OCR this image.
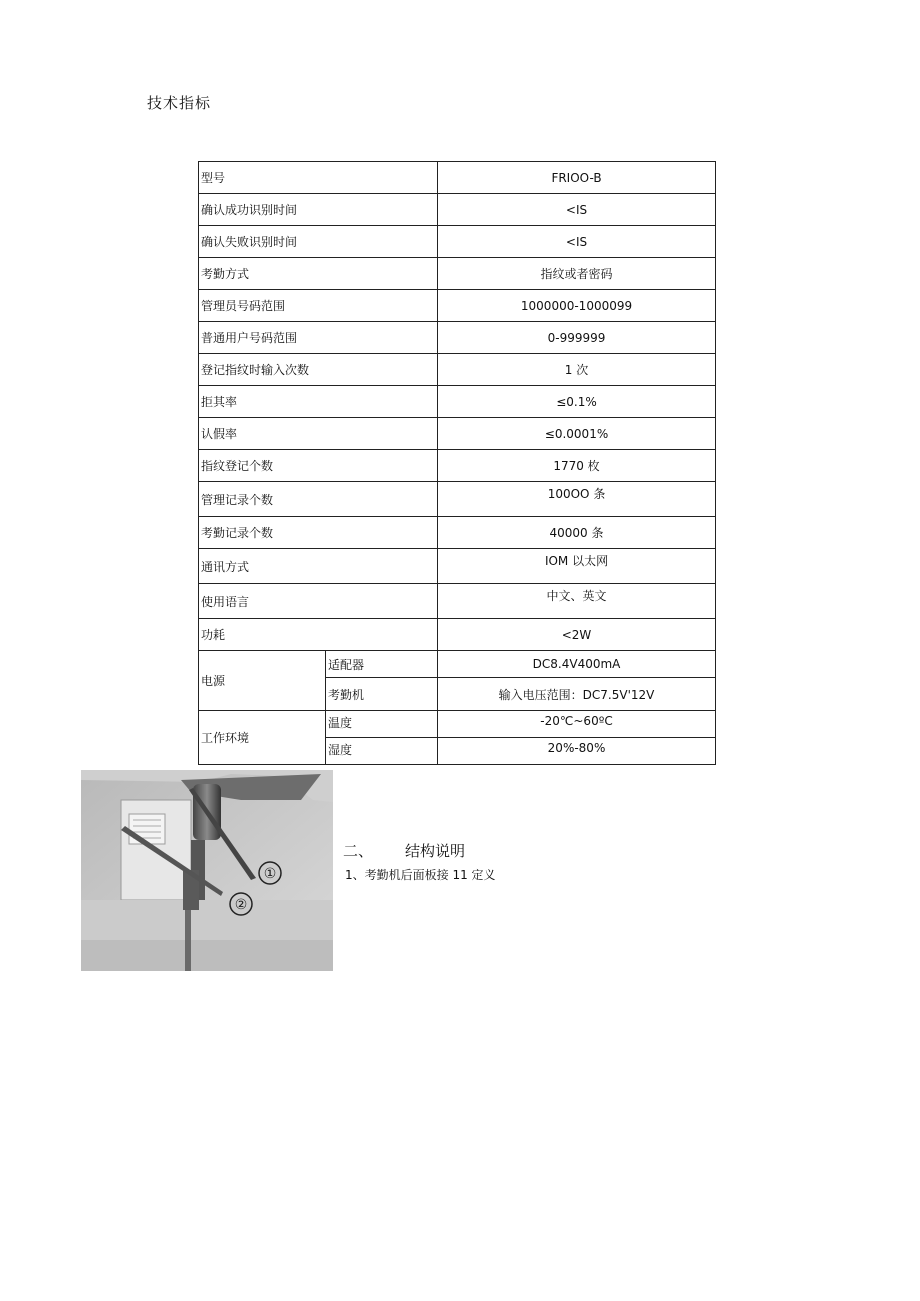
技术指标
型号		FRIOO-B
确认成功识别时间		<IS
确认失败识别时间		<IS
考勤方式		指纹或者密码
管理员号码范围		1000000-1000099
普通用户号码范围		0-999999
登记指纹时输入次数		1 次
拒其率		≤0.1%
认假率		≤0.0001%
指纹登记个数		1770 枚
管理记录个数		100OO 条
考勤记录个数		40000 条
通讯方式		IOM 以太网
使用语言		中文、英文
功耗		<2W
电源	适配器	DC8.4V400mA
	考勤机	输入电压范围：DC7.5V'12V
工作环境	温度	-20℃~60ºC
	湿度	20%-80%
①
②
二、 结构说明
1、考勤机后面板接 11 定义
